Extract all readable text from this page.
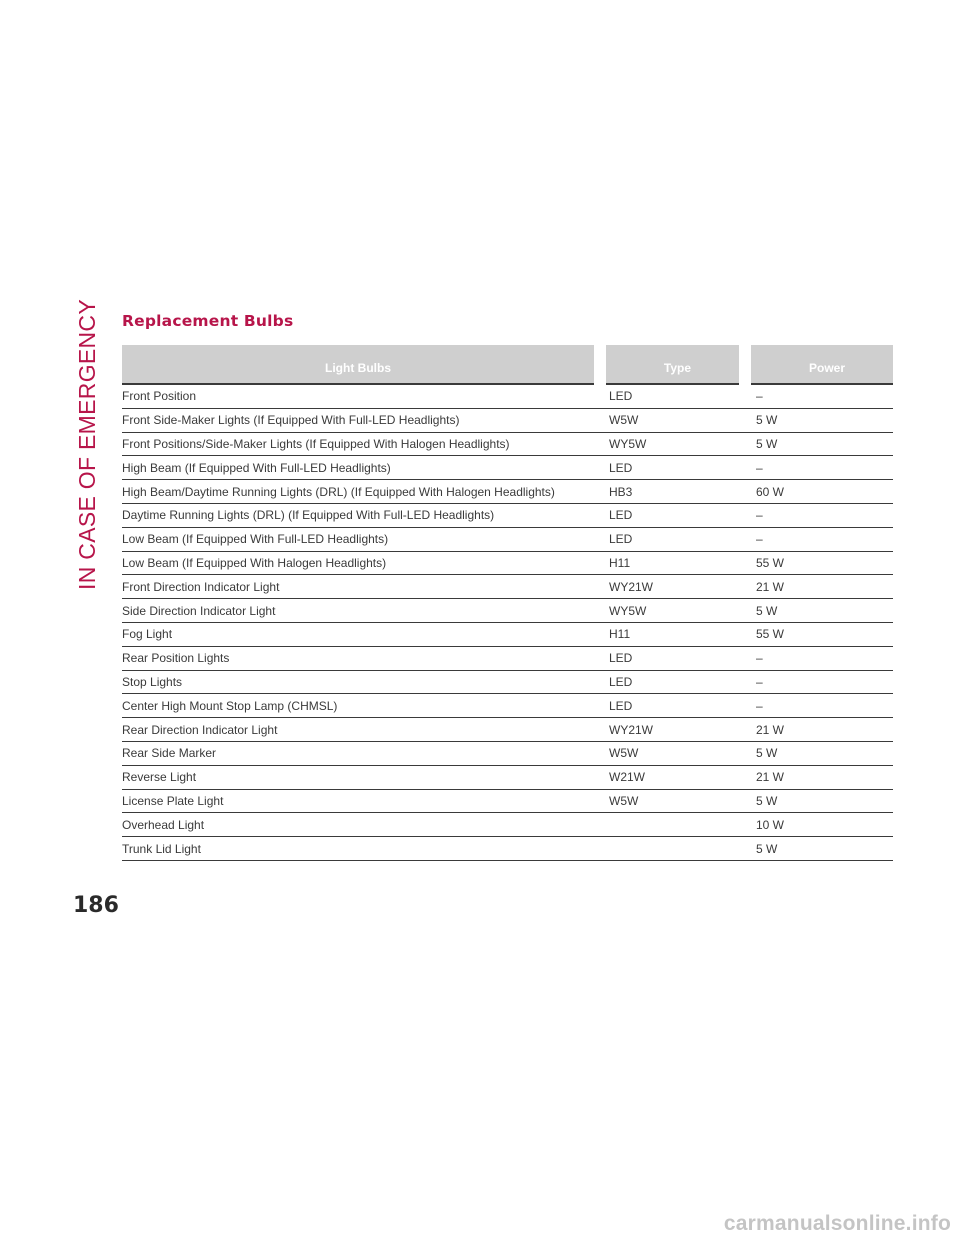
IN CASE OF EMERGENCY Replacement Bulbs
Light Bulbs	Type	Power
Front Position	LED	–
Front Side-Maker Lights (If Equipped With Full-LED Headlights)	W5W	5 W
Front Positions/Side-Maker Lights (If Equipped With Halogen Headlights)	WY5W	5 W
High Beam (If Equipped With Full-LED Headlights)	LED	–
High Beam/Daytime Running Lights (DRL) (If Equipped With Halogen Headlights)	HB3	60 W
Daytime Running Lights (DRL) (If Equipped With Full-LED Headlights)	LED	–
Low Beam (If Equipped With Full-LED Headlights)	LED	–
Low Beam (If Equipped With Halogen Headlights)	H11	55 W
Front Direction Indicator Light	WY21W	21 W
Side Direction Indicator Light	WY5W	5 W
Fog Light	H11	55 W
Rear Position Lights	LED	–
Stop Lights	LED	–
Center High Mount Stop Lamp (CHMSL)	LED	–
Rear Direction Indicator Light	WY21W	21 W
Rear Side Marker	W5W	5 W
Reverse Light	W21W	21 W
License Plate Light	W5W	5 W
Overhead Light		10 W
Trunk Lid Light		5 W
186
carmanualsonline.info
